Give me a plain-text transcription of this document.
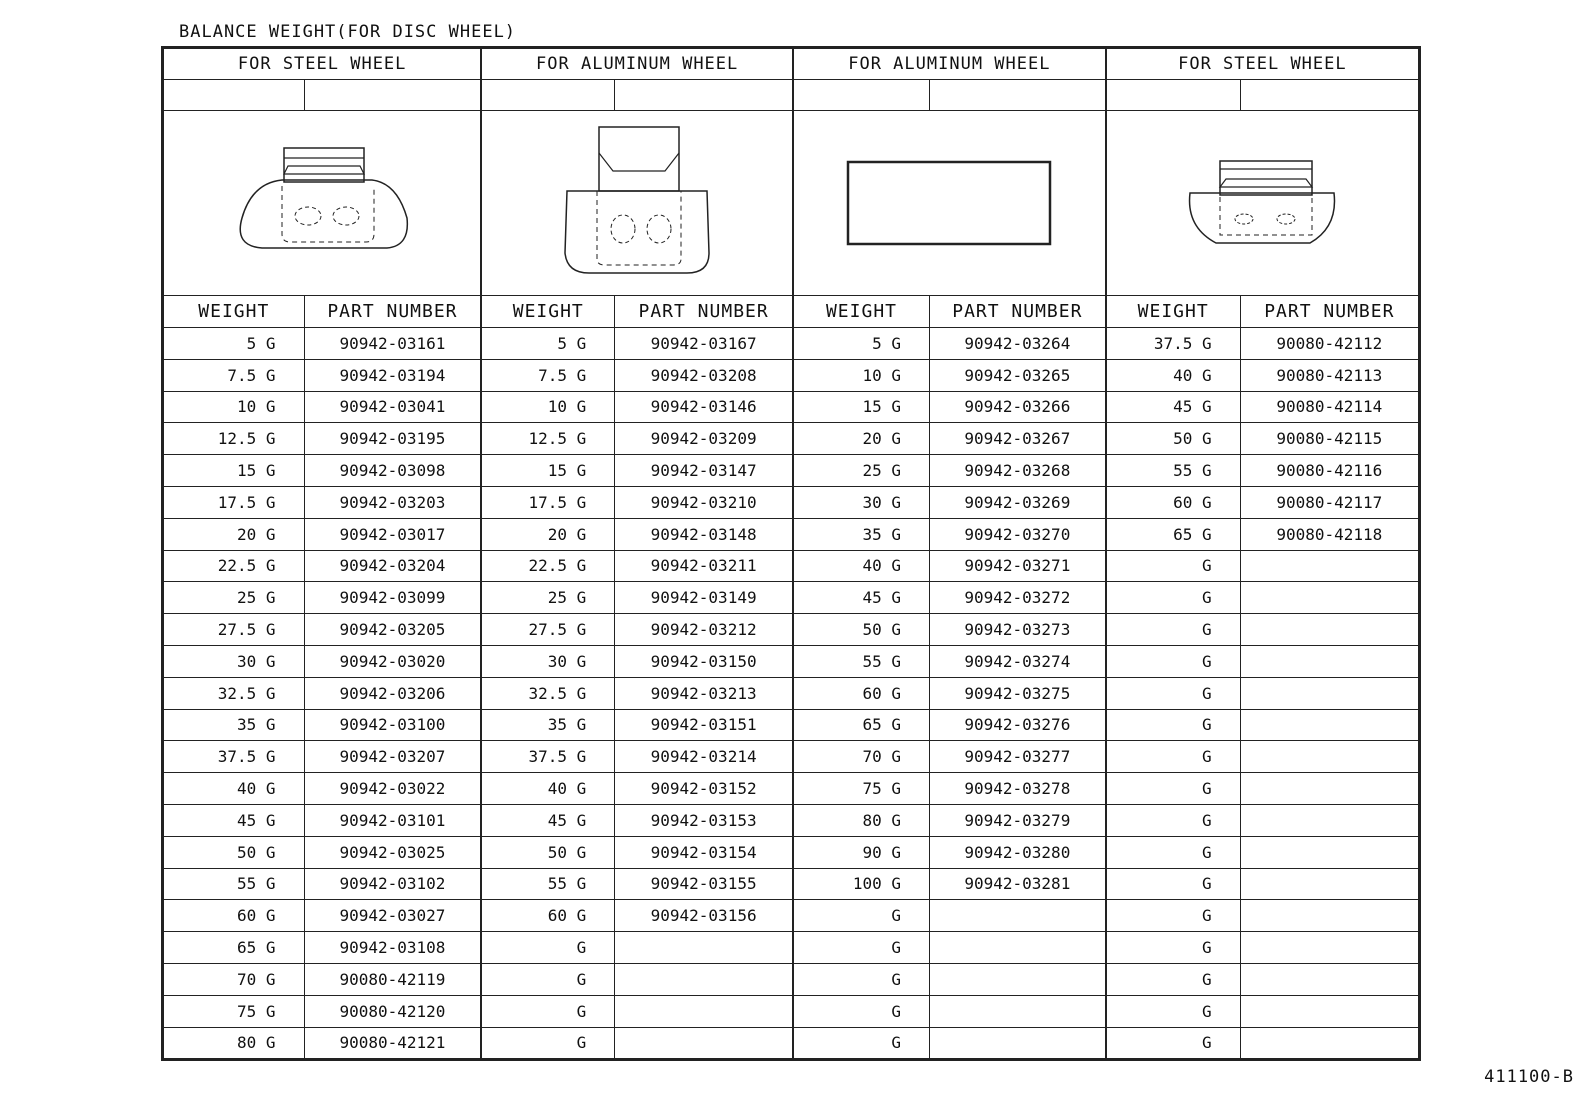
BALANCE WEIGHT(FOR DISC WHEEL)
FOR STEEL WHEEL		FOR ALUMINUM WHEEL		FOR ALUMINUM WHEEL		FOR STEEL WHEEL	

WEIGHT	PART NUMBER	WEIGHT	PART NUMBER	WEIGHT	PART NUMBER	WEIGHT	PART NUMBER
5 G	90942-03161	5 G	90942-03167	5 G	90942-03264	37.5 G	90080-42112
7.5 G	90942-03194	7.5 G	90942-03208	10 G	90942-03265	40 G	90080-42113
10 G	90942-03041	10 G	90942-03146	15 G	90942-03266	45 G	90080-42114
12.5 G	90942-03195	12.5 G	90942-03209	20 G	90942-03267	50 G	90080-42115
15 G	90942-03098	15 G	90942-03147	25 G	90942-03268	55 G	90080-42116
17.5 G	90942-03203	17.5 G	90942-03210	30 G	90942-03269	60 G	90080-42117
20 G	90942-03017	20 G	90942-03148	35 G	90942-03270	65 G	90080-42118
22.5 G	90942-03204	22.5 G	90942-03211	40 G	90942-03271	G	
25 G	90942-03099	25 G	90942-03149	45 G	90942-03272	G	
27.5 G	90942-03205	27.5 G	90942-03212	50 G	90942-03273	G	
30 G	90942-03020	30 G	90942-03150	55 G	90942-03274	G	
32.5 G	90942-03206	32.5 G	90942-03213	60 G	90942-03275	G	
35 G	90942-03100	35 G	90942-03151	65 G	90942-03276	G	
37.5 G	90942-03207	37.5 G	90942-03214	70 G	90942-03277	G	
40 G	90942-03022	40 G	90942-03152	75 G	90942-03278	G	
45 G	90942-03101	45 G	90942-03153	80 G	90942-03279	G	
50 G	90942-03025	50 G	90942-03154	90 G	90942-03280	G	
55 G	90942-03102	55 G	90942-03155	100 G	90942-03281	G	
60 G	90942-03027	60 G	90942-03156	G		G	
65 G	90942-03108	G		G		G	
70 G	90080-42119	G		G		G	
75 G	90080-42120	G		G		G	
80 G	90080-42121	G		G		G	
411100-B
